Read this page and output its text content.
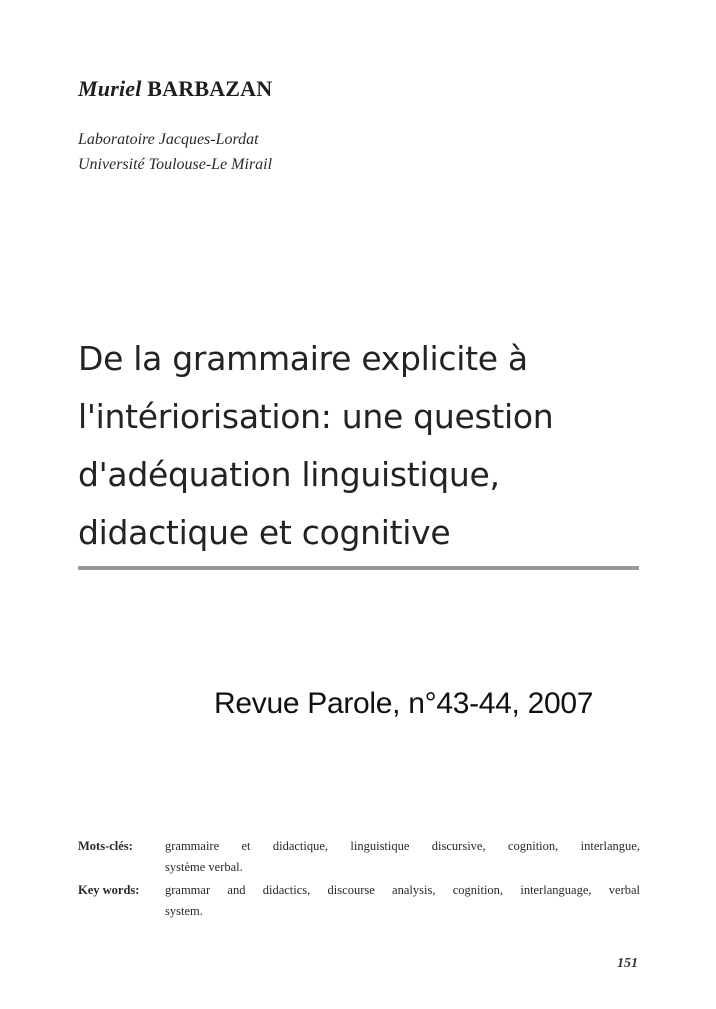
Muriel BARBAZAN
Laboratoire Jacques-Lordat
Université Toulouse-Le Mirail
De la grammaire explicite à
l'intériorisation: une question
d'adéquation linguistique,
didactique et cognitive
Revue Parole, n°43-44, 2007
Mots-clés:	grammaire et didactique, linguistique discursive, cognition, interlangue,
système verbal.
Key words: grammar and didactics, discourse analysis, cognition, interlanguage, verbal
system.
151
